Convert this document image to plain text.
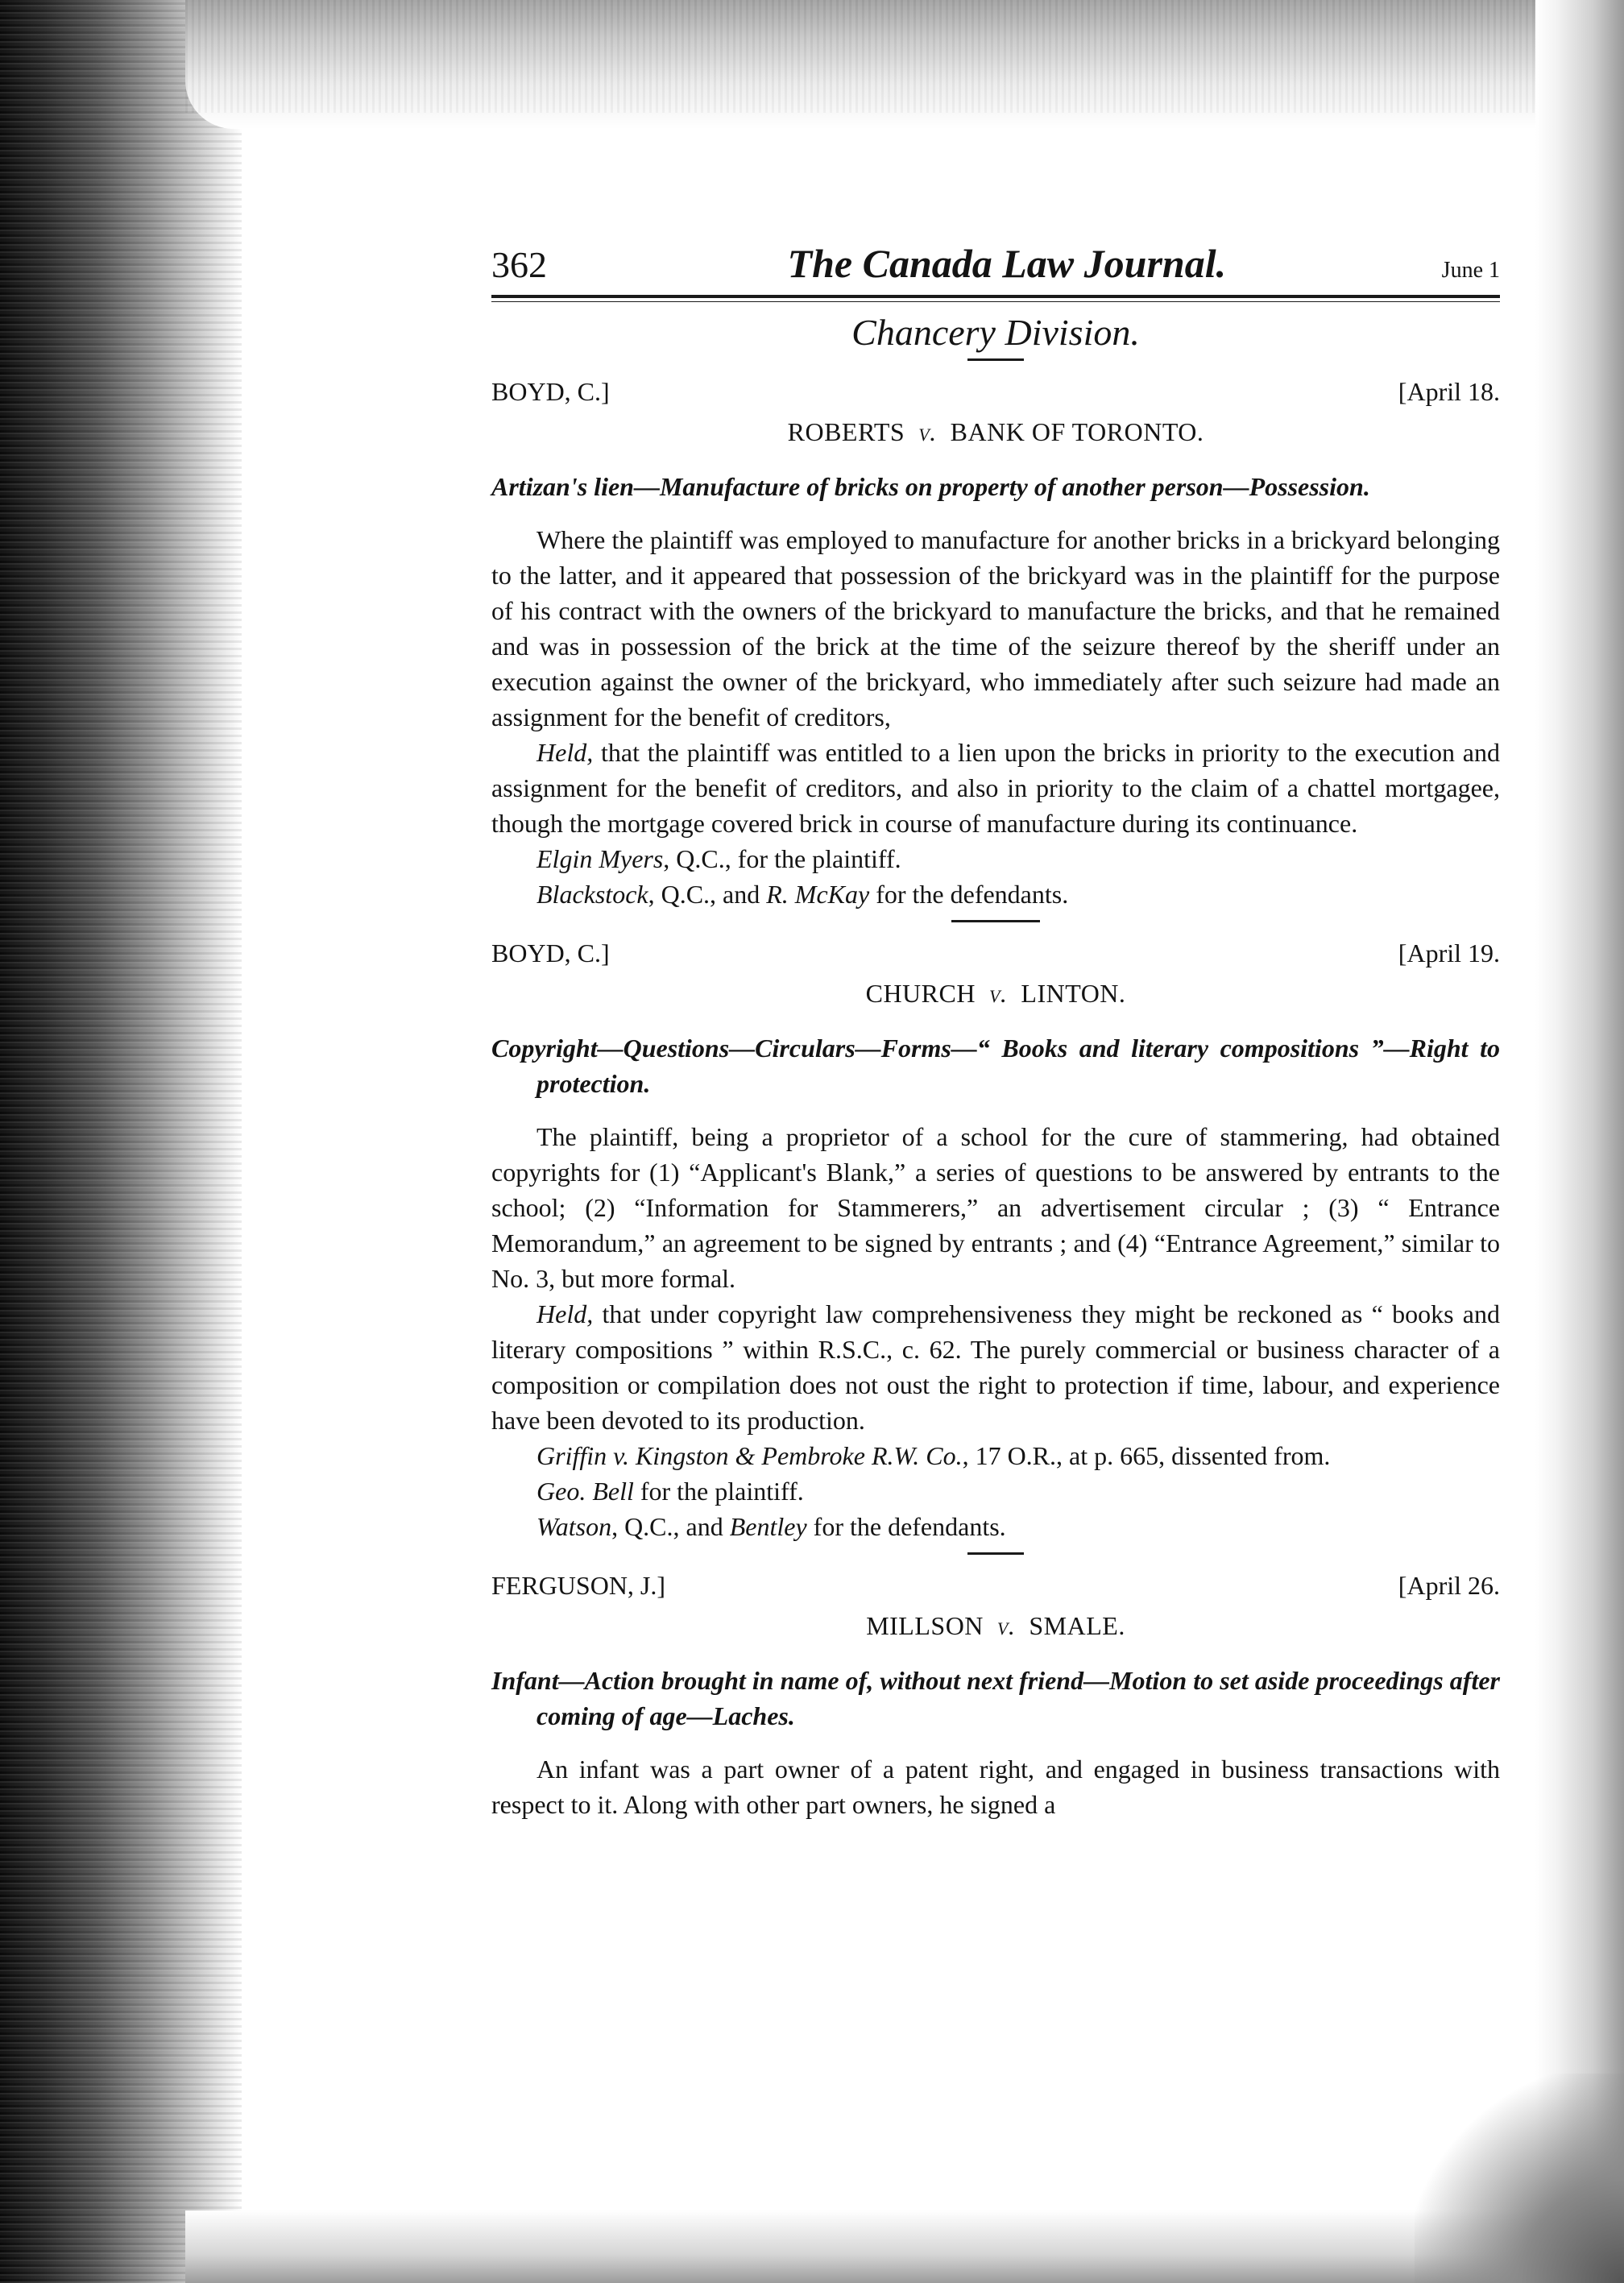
362	The Canada Law Journal.	June 1
Chancery Division.
BOYD, C.]	[April 18.
ROBERTS  v.  BANK OF TORONTO.
Artizan's lien—Manufacture of bricks on property of another person—Possession.

Where the plaintiff was employed to manufacture for another bricks in a brickyard belonging to the latter, and it appeared that possession of the brickyard was in the plaintiff for the purpose of his contract with the owners of the brickyard to manufacture the bricks, and that he remained and was in possession of the brick at the time of the seizure thereof by the sheriff under an execution against the owner of the brickyard, who immediately after such seizure had made an assignment for the benefit of creditors,

Held, that the plaintiff was entitled to a lien upon the bricks in priority to the execution and assignment for the benefit of creditors, and also in priority to the claim of a chattel mortgagee, though the mortgage covered brick in course of manufacture during its continuance.

Elgin Myers, Q.C., for the plaintiff.

Blackstock, Q.C., and R. McKay for the defendants.

BOYD, C.]	[April 19.
CHURCH  v.  LINTON.
Copyright—Questions—Circulars—Forms—“ Books and literary compositions ”—Right to protection.

The plaintiff, being a proprietor of a school for the cure of stammering, had obtained copyrights for (1) “Applicant's Blank,” a series of questions to be answered by entrants to the school; (2) “Information for Stammerers,” an advertisement circular ; (3) “ Entrance Memorandum,” an agreement to be signed by entrants ; and (4) “Entrance Agreement,” similar to No. 3, but more formal.

Held, that under copyright law comprehensiveness they might be reckoned as “ books and literary compositions ” within R.S.C., c. 62. The purely commercial or business character of a composition or compilation does not oust the right to protection if time, labour, and experience have been devoted to its production.

Griffin v. Kingston & Pembroke R.W. Co., 17 O.R., at p. 665, dissented from.

Geo. Bell for the plaintiff.

Watson, Q.C., and Bentley for the defendants.

FERGUSON, J.]	[April 26.
MILLSON  v.  SMALE.
Infant—Action brought in name of, without next friend—Motion to set aside proceedings after coming of age—Laches.

An infant was a part owner of a patent right, and engaged in business transactions with respect to it. Along with other part owners, he signed a
